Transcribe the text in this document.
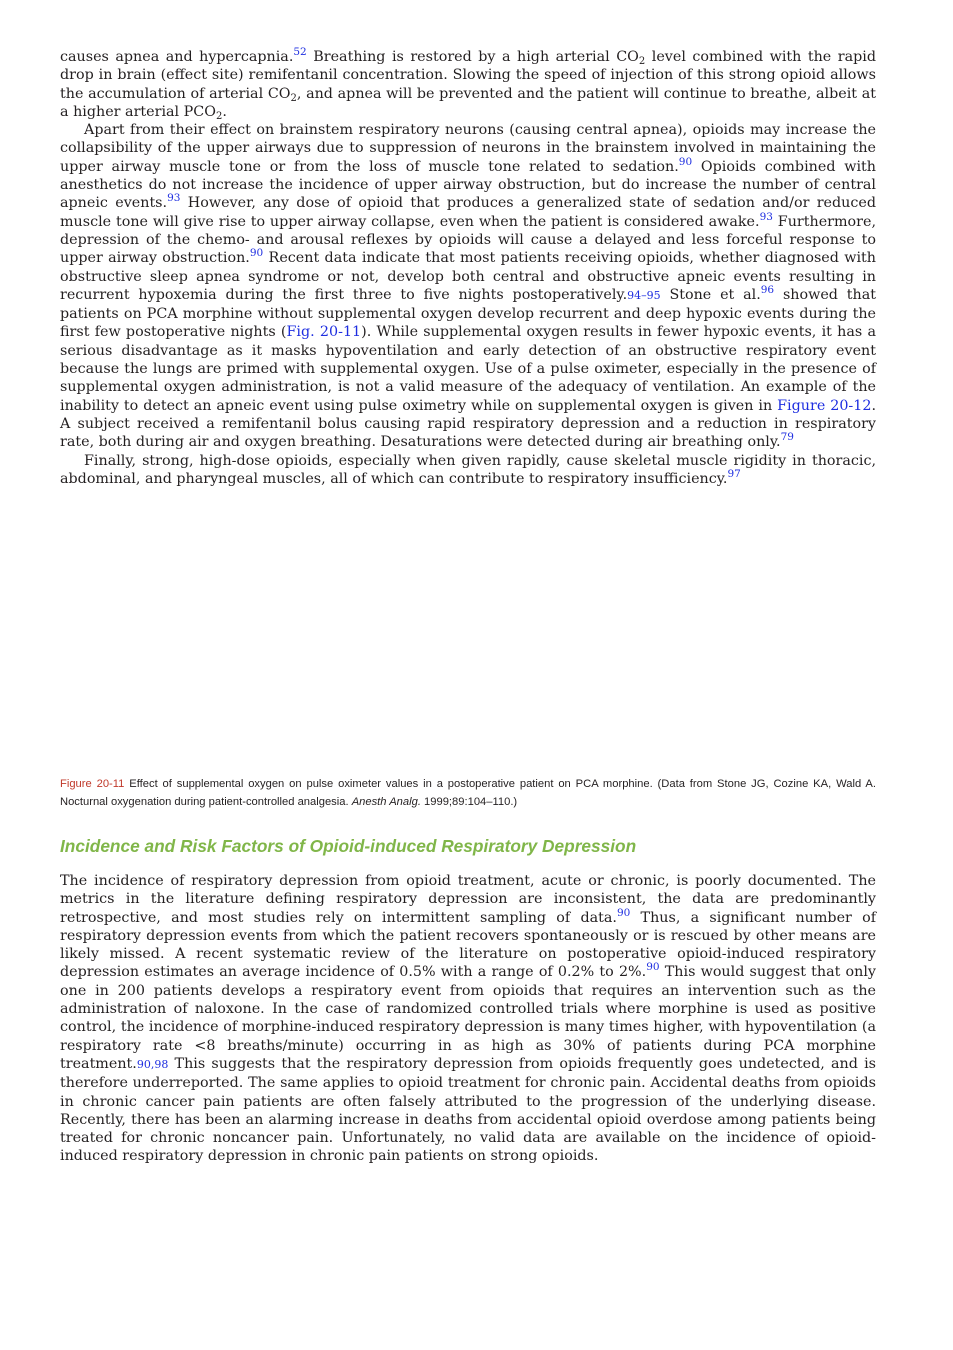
causes apnea and hypercapnia.$^{52}$ Breathing is restored by a high arterial $CO_2$ level combined with the rapid drop in brain (effect site) remifentanil concentration. Slowing the speed of injection of this strong opioid allows the accumulation of arterial $CO_2$, and apnea will be prevented and the patient will continue to breathe, albeit at a higher arterial $PCO_2$.

Apart from their effect on brainstem respiratory neurons (causing central apnea), opioids may increase the collapsibility of the upper airways due to suppression of neurons in the brainstem involved in maintaining the upper airway muscle tone or from the loss of muscle tone related to sedation.$^{90}$ Opioids combined with anesthetics do not increase the incidence of upper airway obstruction, but do increase the number of central apneic events.$^{93}$ However, any dose of opioid that produces a generalized state of sedation and/or reduced muscle tone will give rise to upper airway collapse, even when the patient is considered awake.$^{93}$ Furthermore, depression of the chemo- and arousal reflexes by opioids will cause a delayed and less forceful response to upper airway obstruction.$^{90}$ Recent data indicate that most patients receiving opioids, whether diagnosed with obstructive sleep apnea syndrome or not, develop both central and obstructive apneic events resulting in recurrent hypoxemia during the first three to five nights postoperatively.94–95 Stone et al.$^{96}$ showed that patients on PCA morphine without supplemental oxygen develop recurrent and deep hypoxic events during the first few postoperative nights (Fig. 20-11). While supplemental oxygen results in fewer hypoxic events, it has a serious disadvantage as it masks hypoventilation and early detection of an obstructive respiratory event because the lungs are primed with supplemental oxygen. Use of a pulse oximeter, especially in the presence of supplemental oxygen administration, is not a valid measure of the adequacy of ventilation. An example of the inability to detect an apneic event using pulse oximetry while on supplemental oxygen is given in Figure 20-12. A subject received a remifentanil bolus causing rapid respiratory depression and a reduction in respiratory rate, both during air and oxygen breathing. Desaturations were detected during air breathing only.$^{79}$

Finally, strong, high-dose opioids, especially when given rapidly, cause skeletal muscle rigidity in thoracic, abdominal, and pharyngeal muscles, all of which can contribute to respiratory insufficiency.$^{97}$

Figure 20-11 Effect of supplemental oxygen on pulse oximeter values in a postoperative patient on PCA morphine. (Data from Stone JG, Cozine KA, Wald A. Nocturnal oxygenation during patient-controlled analgesia. Anesth Analg. 1999;89:104–110.)
Incidence and Risk Factors of Opioid-induced Respiratory Depression

The incidence of respiratory depression from opioid treatment, acute or chronic, is poorly documented. The metrics in the literature defining respiratory depression are inconsistent, the data are predominantly retrospective, and most studies rely on intermittent sampling of data.$^{90}$ Thus, a significant number of respiratory depression events from which the patient recovers spontaneously or is rescued by other means are likely missed. A recent systematic review of the literature on postoperative opioid-induced respiratory depression estimates an average incidence of 0.5% with a range of 0.2% to 2%.$^{90}$ This would suggest that only one in 200 patients develops a respiratory event from opioids that requires an intervention such as the administration of naloxone. In the case of randomized controlled trials where morphine is used as positive control, the incidence of morphine-induced respiratory depression is many times higher, with hypoventilation (a respiratory rate <8 breaths/minute) occurring in as high as 30% of patients during PCA morphine treatment.90,98 This suggests that the respiratory depression from opioids frequently goes undetected, and is therefore underreported. The same applies to opioid treatment for chronic pain. Accidental deaths from opioids in chronic cancer pain patients are often falsely attributed to the progression of the underlying disease. Recently, there has been an alarming increase in deaths from accidental opioid overdose among patients being treated for chronic noncancer pain. Unfortunately, no valid data are available on the incidence of opioid-induced respiratory depression in chronic pain patients on strong opioids.
